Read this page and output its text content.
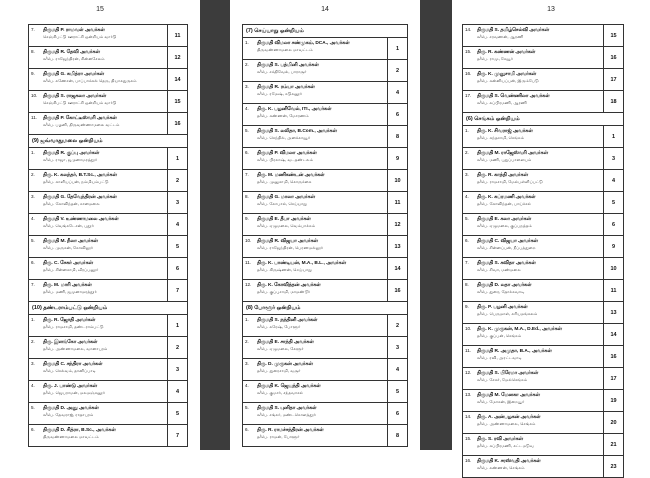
15
7.	திருமதி P. ராமவள் அவர்கள்
செஞ்சிபட்டு ஊராட்சி ஒன்றியம் வார்டு	11
8.	திருமதி R. தேவி அவர்கள்
க/பெ. ராஜேந்திரன், சின்னசேலம்	12
9.	திருமதி G. சுமித்ரா அவர்கள்
க/பெ. கணேசன், பாப்பாக்கல் தெரு, தியாகதுருகம்	14
10.	திருமதி S. ராஜகலா அவர்கள்
செஞ்சிபட்டு ஊராட்சி ஒன்றியம் வார்டு	15
11.	திருமதி P. கோட்டீஸ்வரி அவர்கள்
க/பெ. பழனி, திருவண்ணாமலை வட்டம்	16
(9) ஜவ்வாதுமலை ஒன்றியம்
1.	திருமதி R. குப்பு அவர்கள்
க/பெ. ராஜா, ஜமுனாமரத்தூர்	1
2.	திரு. K. கலந்தர், B.T.Sc., அவர்கள்
த/பெ. காளியப்பன், நம்மியம்பட்டு	2
3.	திருமதி G. தேவேந்திரன் அவர்கள்
த/பெ. கோவிந்தன், கானமலை	3
4.	திருமதி V. உண்ணாமலை அவர்கள்
க/பெ. வெங்கடேசன், புதூர்	4
5.	திருமதி M. நீலா அவர்கள்
க/பெ. முருகன், கோவிலூர்	5
6.	திரு. C. சேகர் அவர்கள்
த/பெ. சின்னசாமி, வீரப்பனூர்	6
7.	திரு. M. மாரி அவர்கள்
த/பெ. மணி, ஜமுனாமரத்தூர்	7
(10) தண்டராம்பட்டு ஒன்றியம்
1.	திரு. R. ஜோதி அவர்கள்
த/பெ. ராமசாமி, தண்டராம்பட்டு	1
2.	திரு. இளங்கோ அவர்கள்
த/பெ. அண்ணாமலை, வானாபுரம்	2
3.	திருமதி C. சந்திரா அவர்கள்
க/பெ. செல்வம், தானிப்பாடி	3
4.	திரு. J. பாண்டு அவர்கள்
த/பெ. ஜெயராமன், மலமஞ்சனூர்	4
5.	திருமதி D. அனு அவர்கள்
க/பெ. தேவராஜ், ராதாபுரம்	5
6.	திருமதி D. சித்ரா, B.Sc., அவர்கள்
திருவண்ணாமலை மாவட்டம்	7
14
(7) செய்யாறு ஒன்றியம்
1.	திருமதி விமலா சண்முகம், DCA., அவர்கள்
திருவண்ணாமலை மாவட்டம்	1
2.	திருமதி S. பத்மினி அவர்கள்
க/பெ. சக்திவேல், பாராசூர்	2
3.	திருமதி R. ரம்யா அவர்கள்
க/பெ. ரமேஷ், கடுகனூர்	4
4.	திரு. K. பழனிவேல், ITI., அவர்கள்
த/பெ. கண்ணன், மோரணம்	6
5.	திருமதி S. லலிதா, B.Com., அவர்கள்
க/பெ. செந்தில், அனக்காவூர்	8
6.	திருமதி P. விமலா அவர்கள்
க/பெ. பிரகாஷ், வடதண்டலம்	9
7.	திரு. M. மணிகண்டன் அவர்கள்
த/பெ. முனுசாமி, கொருக்கை	10
8.	திருமதி G. மாலா அவர்கள்
க/பெ. கோபால், செய்யாறு	11
9.	திருமதி E. தீபா அவர்கள்
க/பெ. ஏழுமலை, வெம்பாக்கம்	12
10.	திருமதி R. விஜயா அவர்கள்
க/பெ. ராஜேந்திரன், பெரணமல்லூர்	13
11.	திரு. K. பாண்டியன், M.A., B.L., அவர்கள்
த/பெ. கிருஷ்ணன், செய்யாறு	14
12.	திரு. K. கோவிந்தன் அவர்கள்
த/பெ. குப்புசாமி, மாமண்டூர்	16
(8) போளூர் ஒன்றியம்
1.	திருமதி S. நந்தினி அவர்கள்
க/பெ. சுரேஷ், போளூர்	2
2.	திருமதி E. சாந்தி அவர்கள்
க/பெ. ஏழுமலை, கேளூர்	3
3.	திரு. D. முருகன் அவர்கள்
த/பெ. துரைசாமி, வசூர்	4
4.	திருமதி K. ஜெயந்தி அவர்கள்
க/பெ. குமார், சந்தவாசல்	5
5.	திருமதி S. புனிதா அவர்கள்
க/பெ. சங்கர், மண்டகொளத்தூர்	6
6.	திரு. R. ராமச்சந்திரன் அவர்கள்
த/பெ. ராமன், போளூர்	8
13
14.	திருமதி S. தமிழ்செல்வி அவர்கள்
க/பெ. சரவணன், ஆரணி	15
15.	திரு. R. கண்ணன் அவர்கள்
த/பெ. ராமு, சேவூர்	16
16.	திரு. K. முனுசாமி அவர்கள்
த/பெ. கன்னியப்பன், இரும்பேடு	17
17.	திருமதி S. வெண்ணிலா அவர்கள்
க/பெ. சுப்பிரமணி, ஆரணி	18
(6) செங்கம் ஒன்றியம்
1.	திரு. K. சிவராஜ் அவர்கள்
த/பெ. கந்தசாமி, செங்கம்	1
2.	திருமதி M. ராஜேஸ்வரி அவர்கள்
க/பெ. மணி, புதுப்பாளையம்	3
3.	திரு. R. காந்தி அவர்கள்
த/பெ. ராமசாமி, மேல்பள்ளிப்பட்டு	4
4.	திரு. K. சுப்ரமணி அவர்கள்
த/பெ. கோவிந்தன், பாய்ச்சல்	5
5.	திருமதி E. கலா அவர்கள்
க/பெ. ஏழுமலை, குப்பநத்தம்	6
6.	திருமதி C. விஜயா அவர்கள்
க/பெ. சின்னப்பன், நீப்பத்துறை	9
7.	திருமதி S. கவிதா அவர்கள்
க/பெ. சிவா, மண்மலை	10
8.	திருமதி D. லதா அவர்கள்
க/பெ. துரை, தோக்கவாடி	11
9.	திரு. P. பழனி அவர்கள்
த/பெ. பெருமாள், கரியமங்கலம்	13
10.	திரு. K. முருகன், M.A., D.Ed., அவர்கள்
த/பெ. குப்பன், செங்கம்	14
11.	திருமதி R. அமுதா, B.A., அவர்கள்
க/பெ. ரவி, அரட்டவாடி	16
12.	திருமதி S. பிரேமா அவர்கள்
க/பெ. சேகர், மேல்செங்கம்	17
13.	திருமதி M. மேனகா அவர்கள்
க/பெ. மோகன், இறையூர்	19
14.	திரு. A. அன்பழகன் அவர்கள்
த/பெ. அண்ணாமலை, செங்கம்	20
15.	திரு. S. ரவி அவர்கள்
த/பெ. சுப்பிரமணி, கட்டமடுவு	21
16.	திருமதி K. சரஸ்வதி அவர்கள்
க/பெ. கண்ணன், செங்கம்	23
